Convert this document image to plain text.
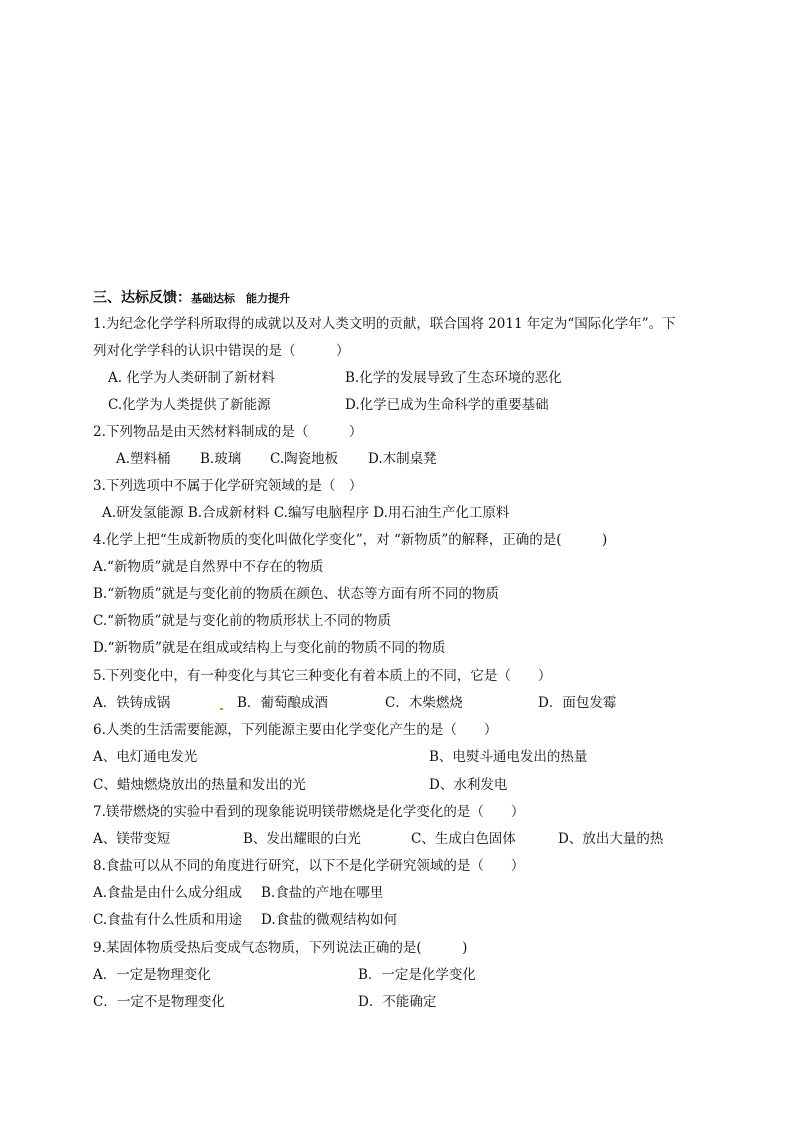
三、达标反馈：基础达标　能力提升
1.为纪念化学学科所取得的成就以及对人类文明的贡献，联合国将 2011 年定为“国际化学年”。下
列对化学学科的认识中错误的是（　　　）
A. 化学为人类研制了新材料	B.化学的发展导致了生态环境的恶化
C.化学为人类提供了新能源	D.化学已成为生命科学的重要基础
2.下列物品是由天然材料制成的是（　　　）
A.塑料桶 B.玻璃 C.陶瓷地板 D.木制桌凳
3.下列选项中不属于化学研究领域的是（　）
A.研发氢能源 B.合成新材料 C.编写电脑程序 D.用石油生产化工原料
4.化学上把“生成新物质的变化叫做化学变化”，对 “新物质”的解释，正确的是(　　　)
A.“新物质”就是自然界中不存在的物质
B.“新物质”就是与变化前的物质在颜色、状态等方面有所不同的物质
C.“新物质”就是与变化前的物质形状上不同的物质
D.“新物质”就是在组成或结构上与变化前的物质不同的物质
5.下列变化中，有一种变化与其它三种变化有着本质上的不同，它是（　　）
A．铁铸成锅	B．葡萄酿成酒	C．木柴燃烧	D．面包发霉
6.人类的生活需要能源，下列能源主要由化学变化产生的是（　　）
A、电灯通电发光	B、电熨斗通电发出的热量
C、蜡烛燃烧放出的热量和发出的光	D、水利发电
7.镁带燃烧的实验中看到的现象能说明镁带燃烧是化学变化的是（　　）
A、镁带变短	B、发出耀眼的白光	C、生成白色固体	D、放出大量的热
8.食盐可以从不同的角度进行研究，以下不是化学研究领域的是（　　）
A.食盐是由什么成分组成 B.食盐的产地在哪里
C.食盐有什么性质和用途 D.食盐的微观结构如何
9.某固体物质受热后变成气态物质，下列说法正确的是(　　　)
A．一定是物理变化	B．一定是化学变化
C．一定不是物理变化	D．不能确定
